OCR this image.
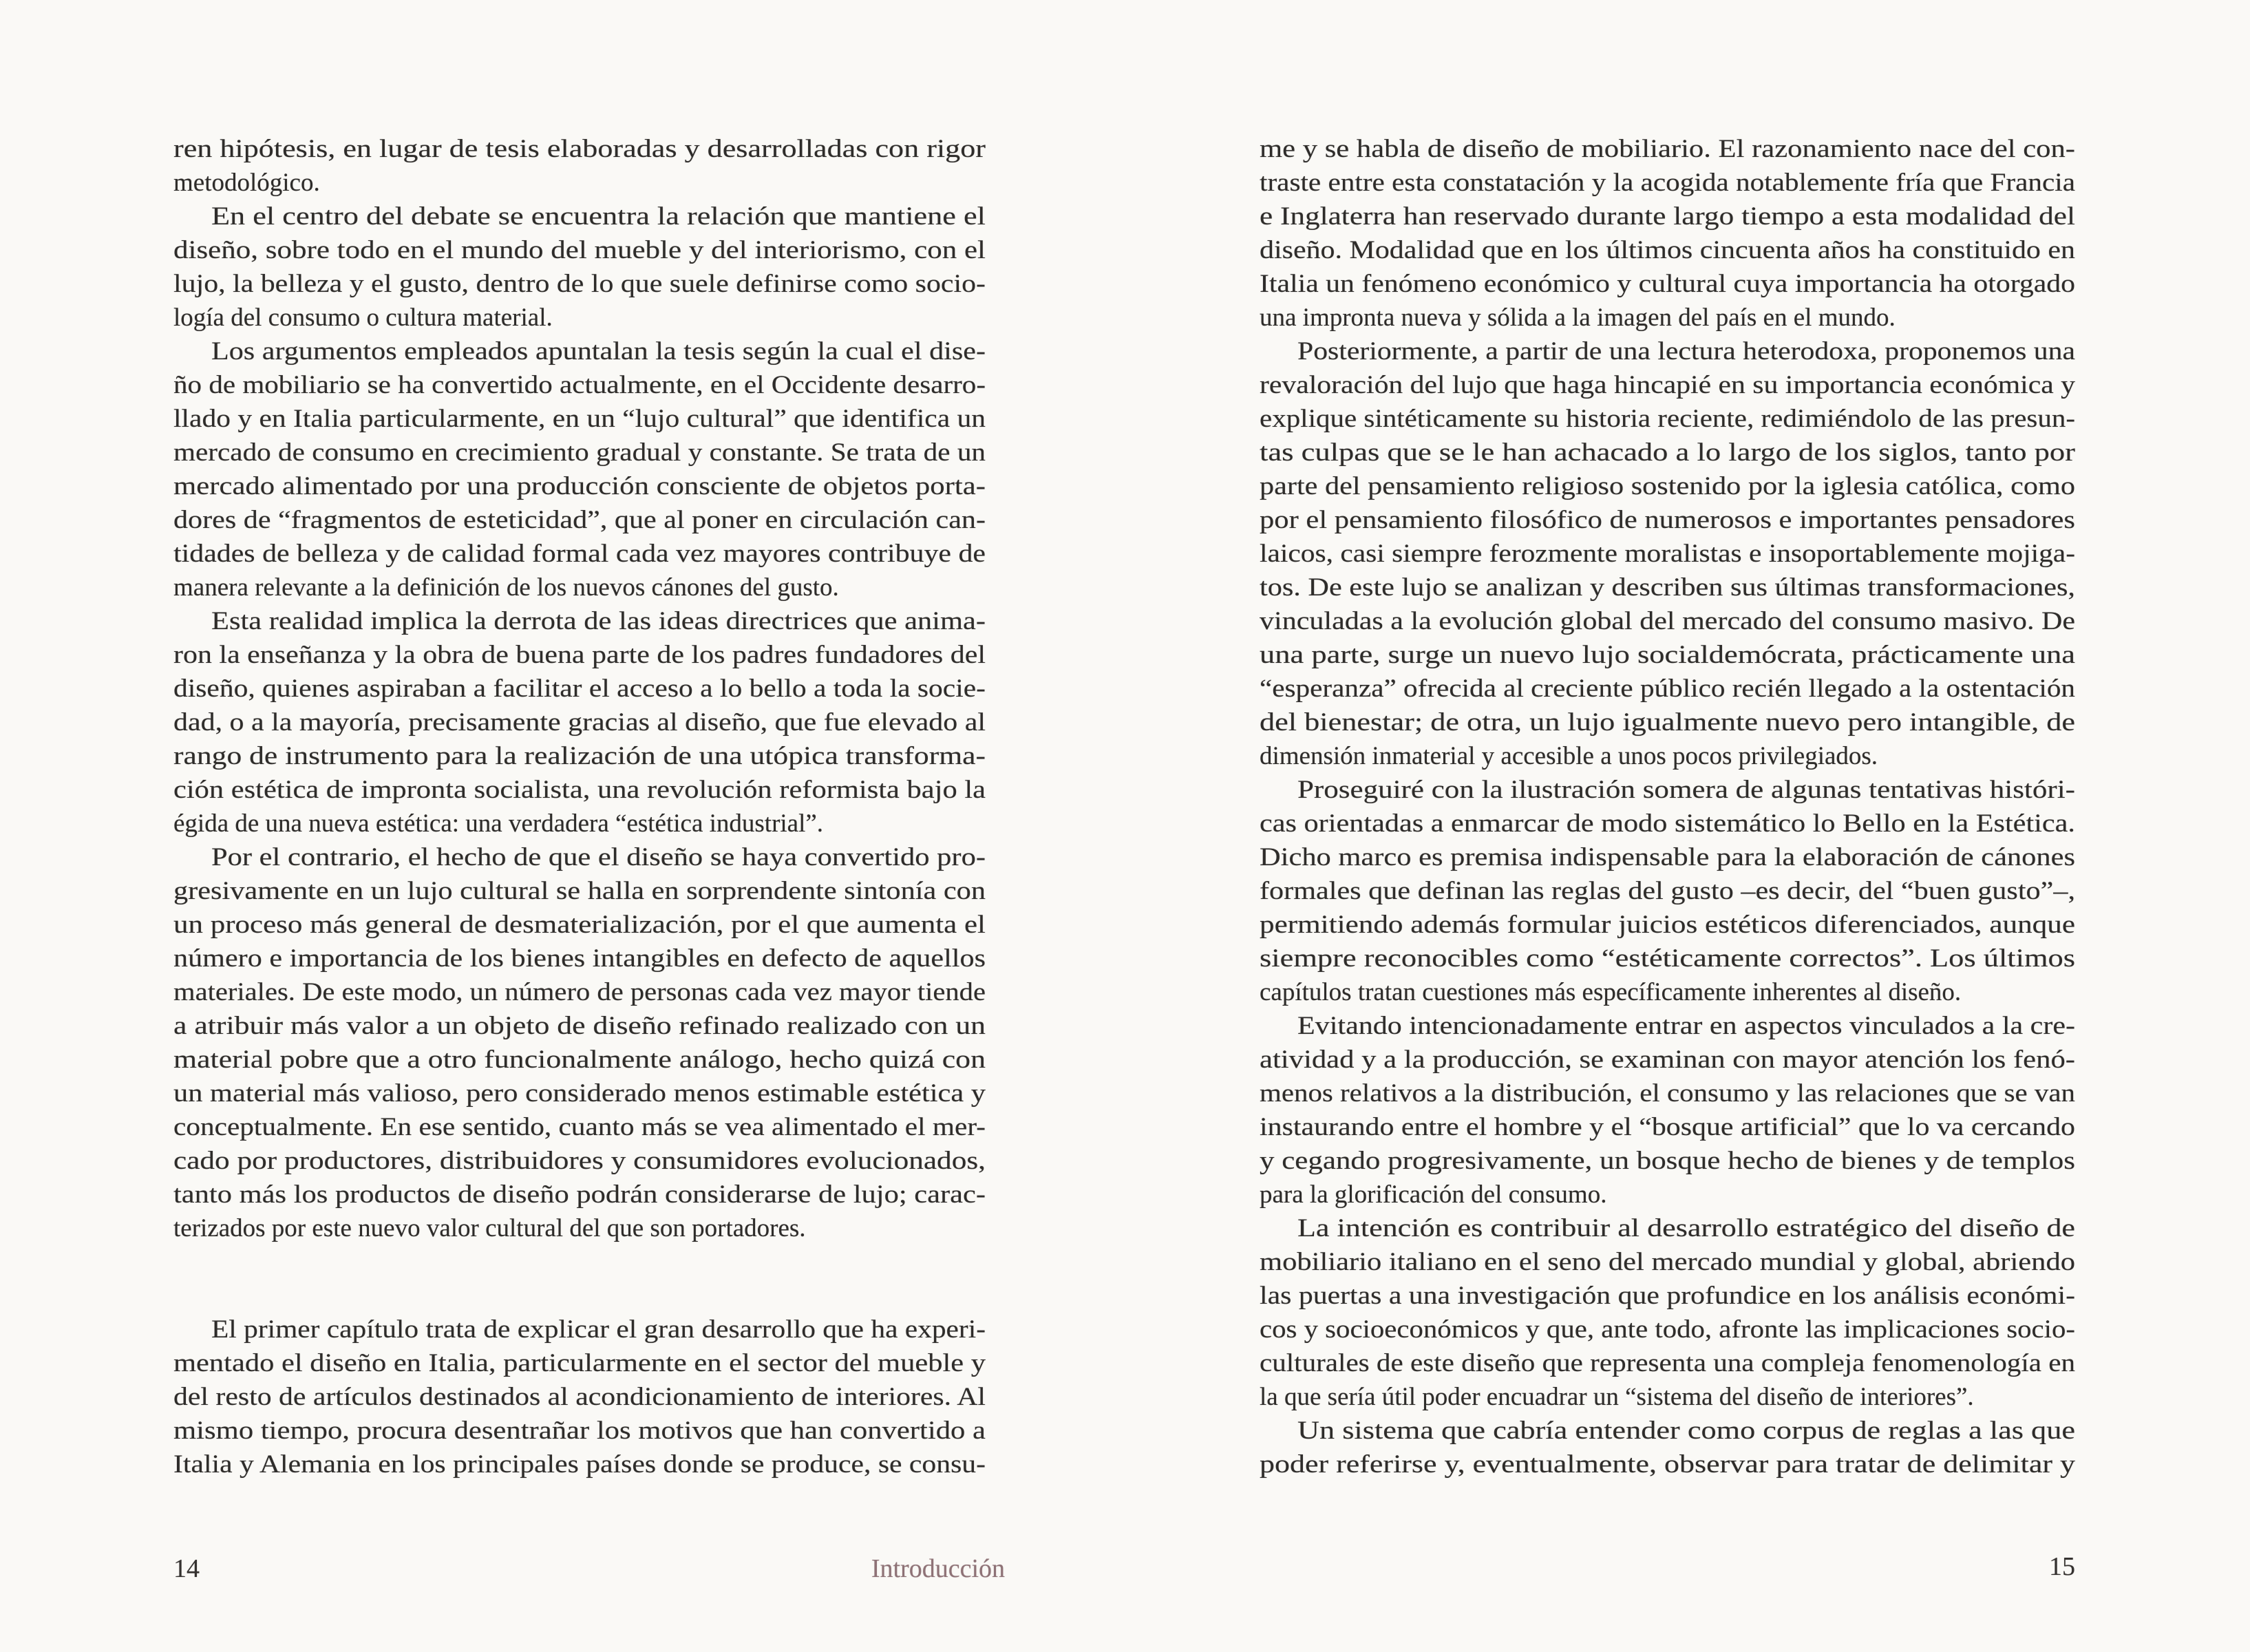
ren hipótesis, en lugar de tesis elaboradas y desarrolladas con rigor
metodológico.
En el centro del debate se encuentra la relación que mantiene el
diseño, sobre todo en el mundo del mueble y del interiorismo, con el
lujo, la belleza y el gusto, dentro de lo que suele definirse como socio-
logía del consumo o cultura material.
Los argumentos empleados apuntalan la tesis según la cual el dise-
ño de mobiliario se ha convertido actualmente, en el Occidente desarro-
llado y en Italia particularmente, en un “lujo cultural” que identifica un
mercado de consumo en crecimiento gradual y constante. Se trata de un
mercado alimentado por una producción consciente de objetos porta-
dores de “fragmentos de esteticidad”, que al poner en circulación can-
tidades de belleza y de calidad formal cada vez mayores contribuye de
manera relevante a la definición de los nuevos cánones del gusto.
Esta realidad implica la derrota de las ideas directrices que anima-
ron la enseñanza y la obra de buena parte de los padres fundadores del
diseño, quienes aspiraban a facilitar el acceso a lo bello a toda la socie-
dad, o a la mayoría, precisamente gracias al diseño, que fue elevado al
rango de instrumento para la realización de una utópica transforma-
ción estética de impronta socialista, una revolución reformista bajo la
égida de una nueva estética: una verdadera “estética industrial”.
Por el contrario, el hecho de que el diseño se haya convertido pro-
gresivamente en un lujo cultural se halla en sorprendente sintonía con
un proceso más general de desmaterialización, por el que aumenta el
número e importancia de los bienes intangibles en defecto de aquellos
materiales. De este modo, un número de personas cada vez mayor tiende
a atribuir más valor a un objeto de diseño refinado realizado con un
material pobre que a otro funcionalmente análogo, hecho quizá con
un material más valioso, pero considerado menos estimable estética y
conceptualmente. En ese sentido, cuanto más se vea alimentado el mer-
cado por productores, distribuidores y consumidores evolucionados,
tanto más los productos de diseño podrán considerarse de lujo; carac-
terizados por este nuevo valor cultural del que son portadores.
El primer capítulo trata de explicar el gran desarrollo que ha experi-
mentado el diseño en Italia, particularmente en el sector del mueble y
del resto de artículos destinados al acondicionamiento de interiores. Al
mismo tiempo, procura desentrañar los motivos que han convertido a
Italia y Alemania en los principales países donde se produce, se consu-
me y se habla de diseño de mobiliario. El razonamiento nace del con-
traste entre esta constatación y la acogida notablemente fría que Francia
e Inglaterra han reservado durante largo tiempo a esta modalidad del
diseño. Modalidad que en los últimos cincuenta años ha constituido en
Italia un fenómeno económico y cultural cuya importancia ha otorgado
una impronta nueva y sólida a la imagen del país en el mundo.
Posteriormente, a partir de una lectura heterodoxa, proponemos una
revaloración del lujo que haga hincapié en su importancia económica y
explique sintéticamente su historia reciente, redimiéndolo de las presun-
tas culpas que se le han achacado a lo largo de los siglos, tanto por
parte del pensamiento religioso sostenido por la iglesia católica, como
por el pensamiento filosófico de numerosos e importantes pensadores
laicos, casi siempre ferozmente moralistas e insoportablemente mojiga-
tos. De este lujo se analizan y describen sus últimas transformaciones,
vinculadas a la evolución global del mercado del consumo masivo. De
una parte, surge un nuevo lujo socialdemócrata, prácticamente una
“esperanza” ofrecida al creciente público recién llegado a la ostentación
del bienestar; de otra, un lujo igualmente nuevo pero intangible, de
dimensión inmaterial y accesible a unos pocos privilegiados.
Proseguiré con la ilustración somera de algunas tentativas históri-
cas orientadas a enmarcar de modo sistemático lo Bello en la Estética.
Dicho marco es premisa indispensable para la elaboración de cánones
formales que definan las reglas del gusto –es decir, del “buen gusto”–,
permitiendo además formular juicios estéticos diferenciados, aunque
siempre reconocibles como “estéticamente correctos”. Los últimos
capítulos tratan cuestiones más específicamente inherentes al diseño.
Evitando intencionadamente entrar en aspectos vinculados a la cre-
atividad y a la producción, se examinan con mayor atención los fenó-
menos relativos a la distribución, el consumo y las relaciones que se van
instaurando entre el hombre y el “bosque artificial” que lo va cercando
y cegando progresivamente, un bosque hecho de bienes y de templos
para la glorificación del consumo.
La intención es contribuir al desarrollo estratégico del diseño de
mobiliario italiano en el seno del mercado mundial y global, abriendo
las puertas a una investigación que profundice en los análisis económi-
cos y socioeconómicos y que, ante todo, afronte las implicaciones socio-
culturales de este diseño que representa una compleja fenomenología en
la que sería útil poder encuadrar un “sistema del diseño de interiores”.
Un sistema que cabría entender como corpus de reglas a las que
poder referirse y, eventualmente, observar para tratar de delimitar y
14	Introducción	15
